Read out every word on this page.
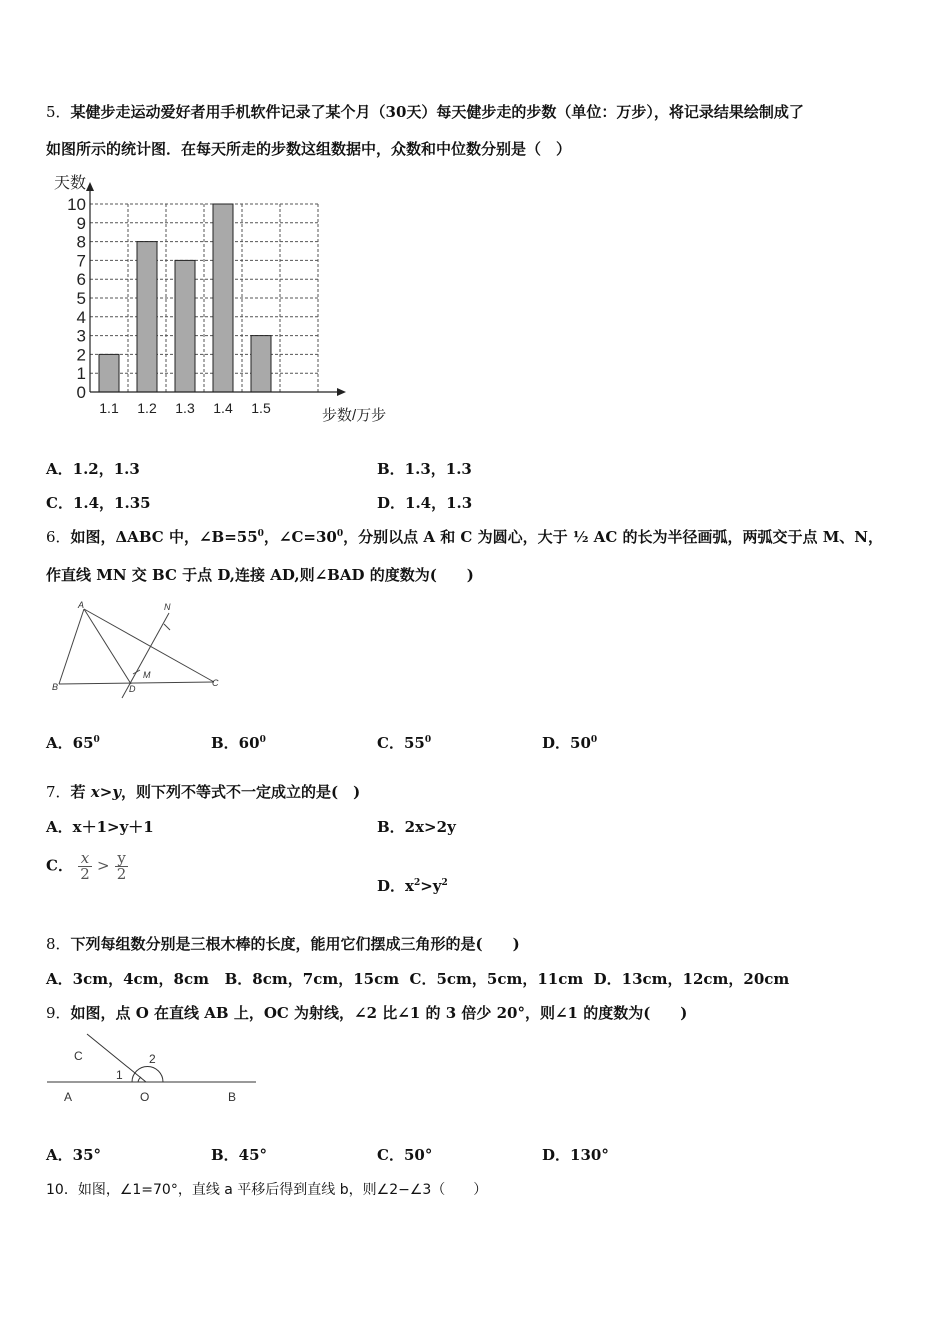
5．某健步走运动爱好者用手机软件记录了某个月（30天）每天健步走的步数（单位：万步），将记录结果绘制成了
如图所示的统计图．在每天所走的步数这组数据中，众数和中位数分别是（　）
0
1
2
3
4
5
6
7
8
9
10
1.1 1.2 1.3 1.4 1.5
天数
步数/万步
A．1.2，1.3	B．1.3，1.3
C．1.4，1.35	D．1.4，1.3
6．如图，ΔABC 中，$\angle B=55^0$，$\angle C=30^0$，分别以点 A 和 C 为圆心，大于 ½ AC 的长为半径画弧，两弧交于点 M、N，
作直线 MN 交 BC 于点 D,连接 AD,则∠BAD 的度数为(　　)
A
B	C
D
M
N
A．$65^0$	B．$60^0$	C．$55^0$	D．$50^0$
7．若 x>y，则下列不等式不一定成立的是(　)
A．x＋1>y＋1	B．2x>2y
C． $\frac{x}{2} > \frac{y}{2}$
D．$x^2>y^2$
8．下列每组数分别是三根木棒的长度，能用它们摆成三角形的是(　　)
A．3cm，4cm，8cm   B．8cm，7cm，15cm  C．5cm，5cm，11cm  D．13cm，12cm，20cm
9．如图，点 O 在直线 AB 上，OC 为射线，∠2 比∠1 的 3 倍少 20°，则∠1 的度数为(　　)
C	2
1
A	O	B
A．35°	B．45°	C．50°	D．130°
10．如图，∠1=70°，直线 a 平移后得到直线 b，则∠2−∠3（　　）
